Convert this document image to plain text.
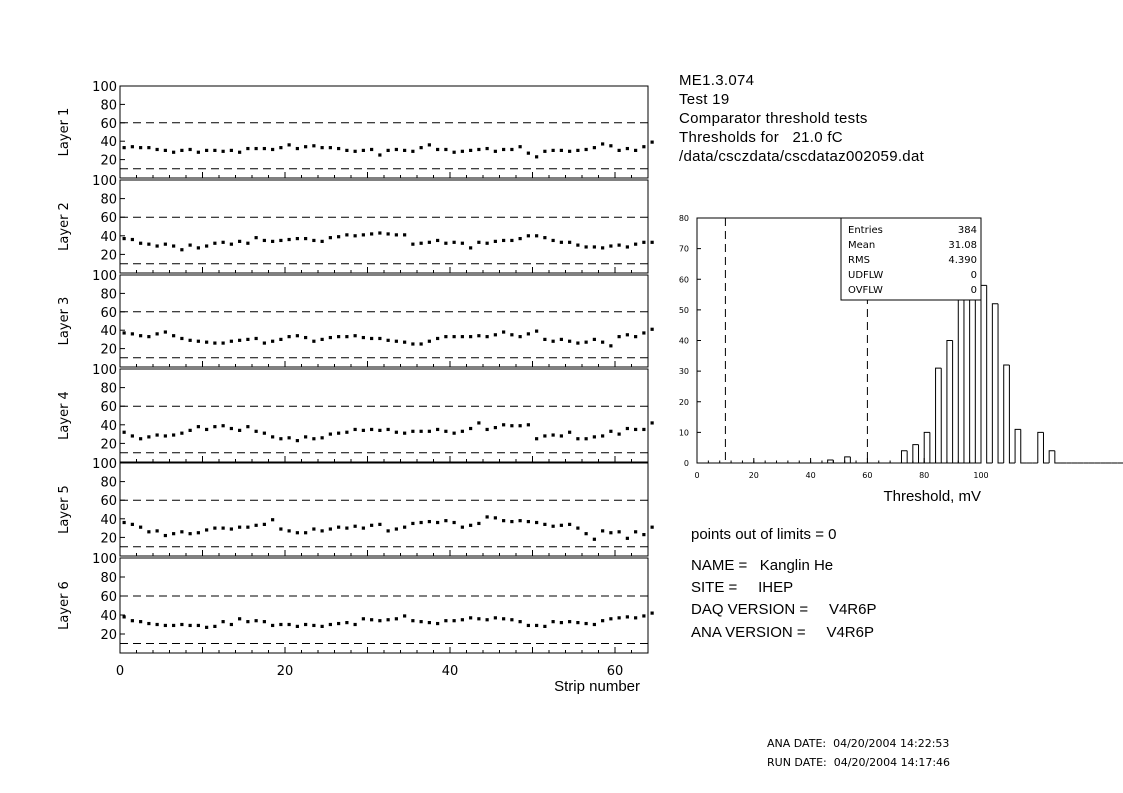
20
40
60
80
100
Layer 1
20
40
60
80
100
Layer 2
20
40
60
80
100
Layer 3
20
40
60
80
100
Layer 4
20
40
60
80
100
Layer 5
20
40
60
80
100
Layer 6
0	20	40	60
Strip number
0
10
20
30
40
50
60
70
80
0	20	40	60	80	100
Threshold, mV
Entries	384
Mean	31.08
RMS	4.390
UDFLW	0
OVFLW	0
ME1.3.074
Test 19
Comparator threshold tests
Thresholds for   21.0 fC
/data/csczdata/cscdataz002059.dat
points out of limits = 0
NAME =   Kanglin He
SITE =     IHEP
DAQ VERSION =     V4R6P
ANA VERSION =     V4R6P
ANA DATE:  04/20/2004 14:22:53
RUN DATE:  04/20/2004 14:17:46
